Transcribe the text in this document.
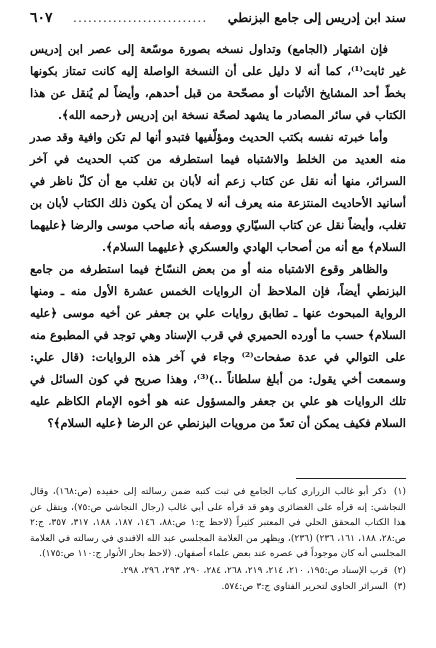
سند ابن إدريس إلى جامع البزنطي
...........................
٦٠٧

فإن اشتهار (الجامع) وتداول نسخه بصورة موسّعة إلى عصر ابن إدريس غير ثابت⁽¹⁾، كما أنه لا دليل على أن النسخة الواصلة إليه كانت تمتاز بكونها بخطّ أحد المشايخ الأثبات أو مصحّحة من قبل أحدهم، وأيضاً لم يُنقل عن هذا الكتاب في سائر المصادر ما يشهد لصحّة نسخة ابن إدريس ﴿رحمه الله﴾.

وأما خبرته نفسه بكتب الحديث ومؤلّفيها فتبدو أنها لم تكن وافية وقد صدر منه العديد من الخلط والاشتباه فيما استطرفه من كتب الحديث في آخر السرائر، منها أنه نقل عن كتاب زعم أنه لأبان بن تغلب مع أن كلّ ناظر في أسانيد الأحاديث المنتزعة منه يعرف أنه لا يمكن أن يكون ذلك الكتاب لأبان بن تغلب، وأيضاً نقل عن كتاب السيّاري ووصفه بأنه صاحب موسى والرضا ﴿عليهما السلام﴾ مع أنه من أصحاب الهادي والعسكري ﴿عليهما السلام﴾.

والظاهر وقوع الاشتباه منه أو من بعض النسّاخ فيما استطرفه من جامع البزنطي أيضاً، فإن الملاحظ أن الروايات الخمس عشرة الأول منه ـ ومنها الرواية المبحوث عنها ـ تطابق روايات علي بن جعفر عن أخيه موسى ﴿عليه السلام﴾ حسب ما أورده الحميري في قرب الإسناد وهي توجد في المطبوع منه على التوالي في عدة صفحات⁽²⁾ وجاء في آخر هذه الروايات: (قال علي: وسمعت أخي يقول: من أبلغ سلطاناً ..)⁽³⁾، وهذا صريح في كون السائل في تلك الروايات هو علي بن جعفر والمسؤول عنه هو أخوه الإمام الكاظم عليه السلام فكيف يمكن أن تعدّ من مرويات البزنطي عن الرضا ﴿عليه السلام﴾؟

(١) ذكر أبو غالب الزراري كتاب الجامع في ثبت كتبه ضمن رسالته إلى حفيده (ص:١٦٨)، وقال النجاشي: إنه قرأه على الغضائري وهو قد قرأه على أبي غالب (رجال النجاشي ص:٧٥)، ويتقل عن هذا الكتاب المحقق الحلي في المعتبر كثيراً (لاحظ ج:١ ص:٨٨، ١٤٦، ١٨٧، ١٨٨، ٣١٧، ٣٥٧، ج:٢ ص:٢٨، ١٨٨، ١٦١، ٢٣٦) (٢٣٦)، ويظهر من العلامة المجلسي عبد الله الافندي في رسالته في العلامة المجلسي أنه كان موجوداً في عصره عند بعض علماء أصفهان. (لاحظ بحار الأنوار ج:١١٠ ص:١٧٥).
(٢) قرب الإسناد ص:١٩٥، ٢١٠، ٢١٤، ٢١٩، ٢٦٨، ٢٨٤، ٢٩٠، ٢٩٣، ٢٩٦، ٢٩٨.
(٣) السرائر الحاوي لتحرير الفتاوي ج:٣ ص:٥٧٤.
